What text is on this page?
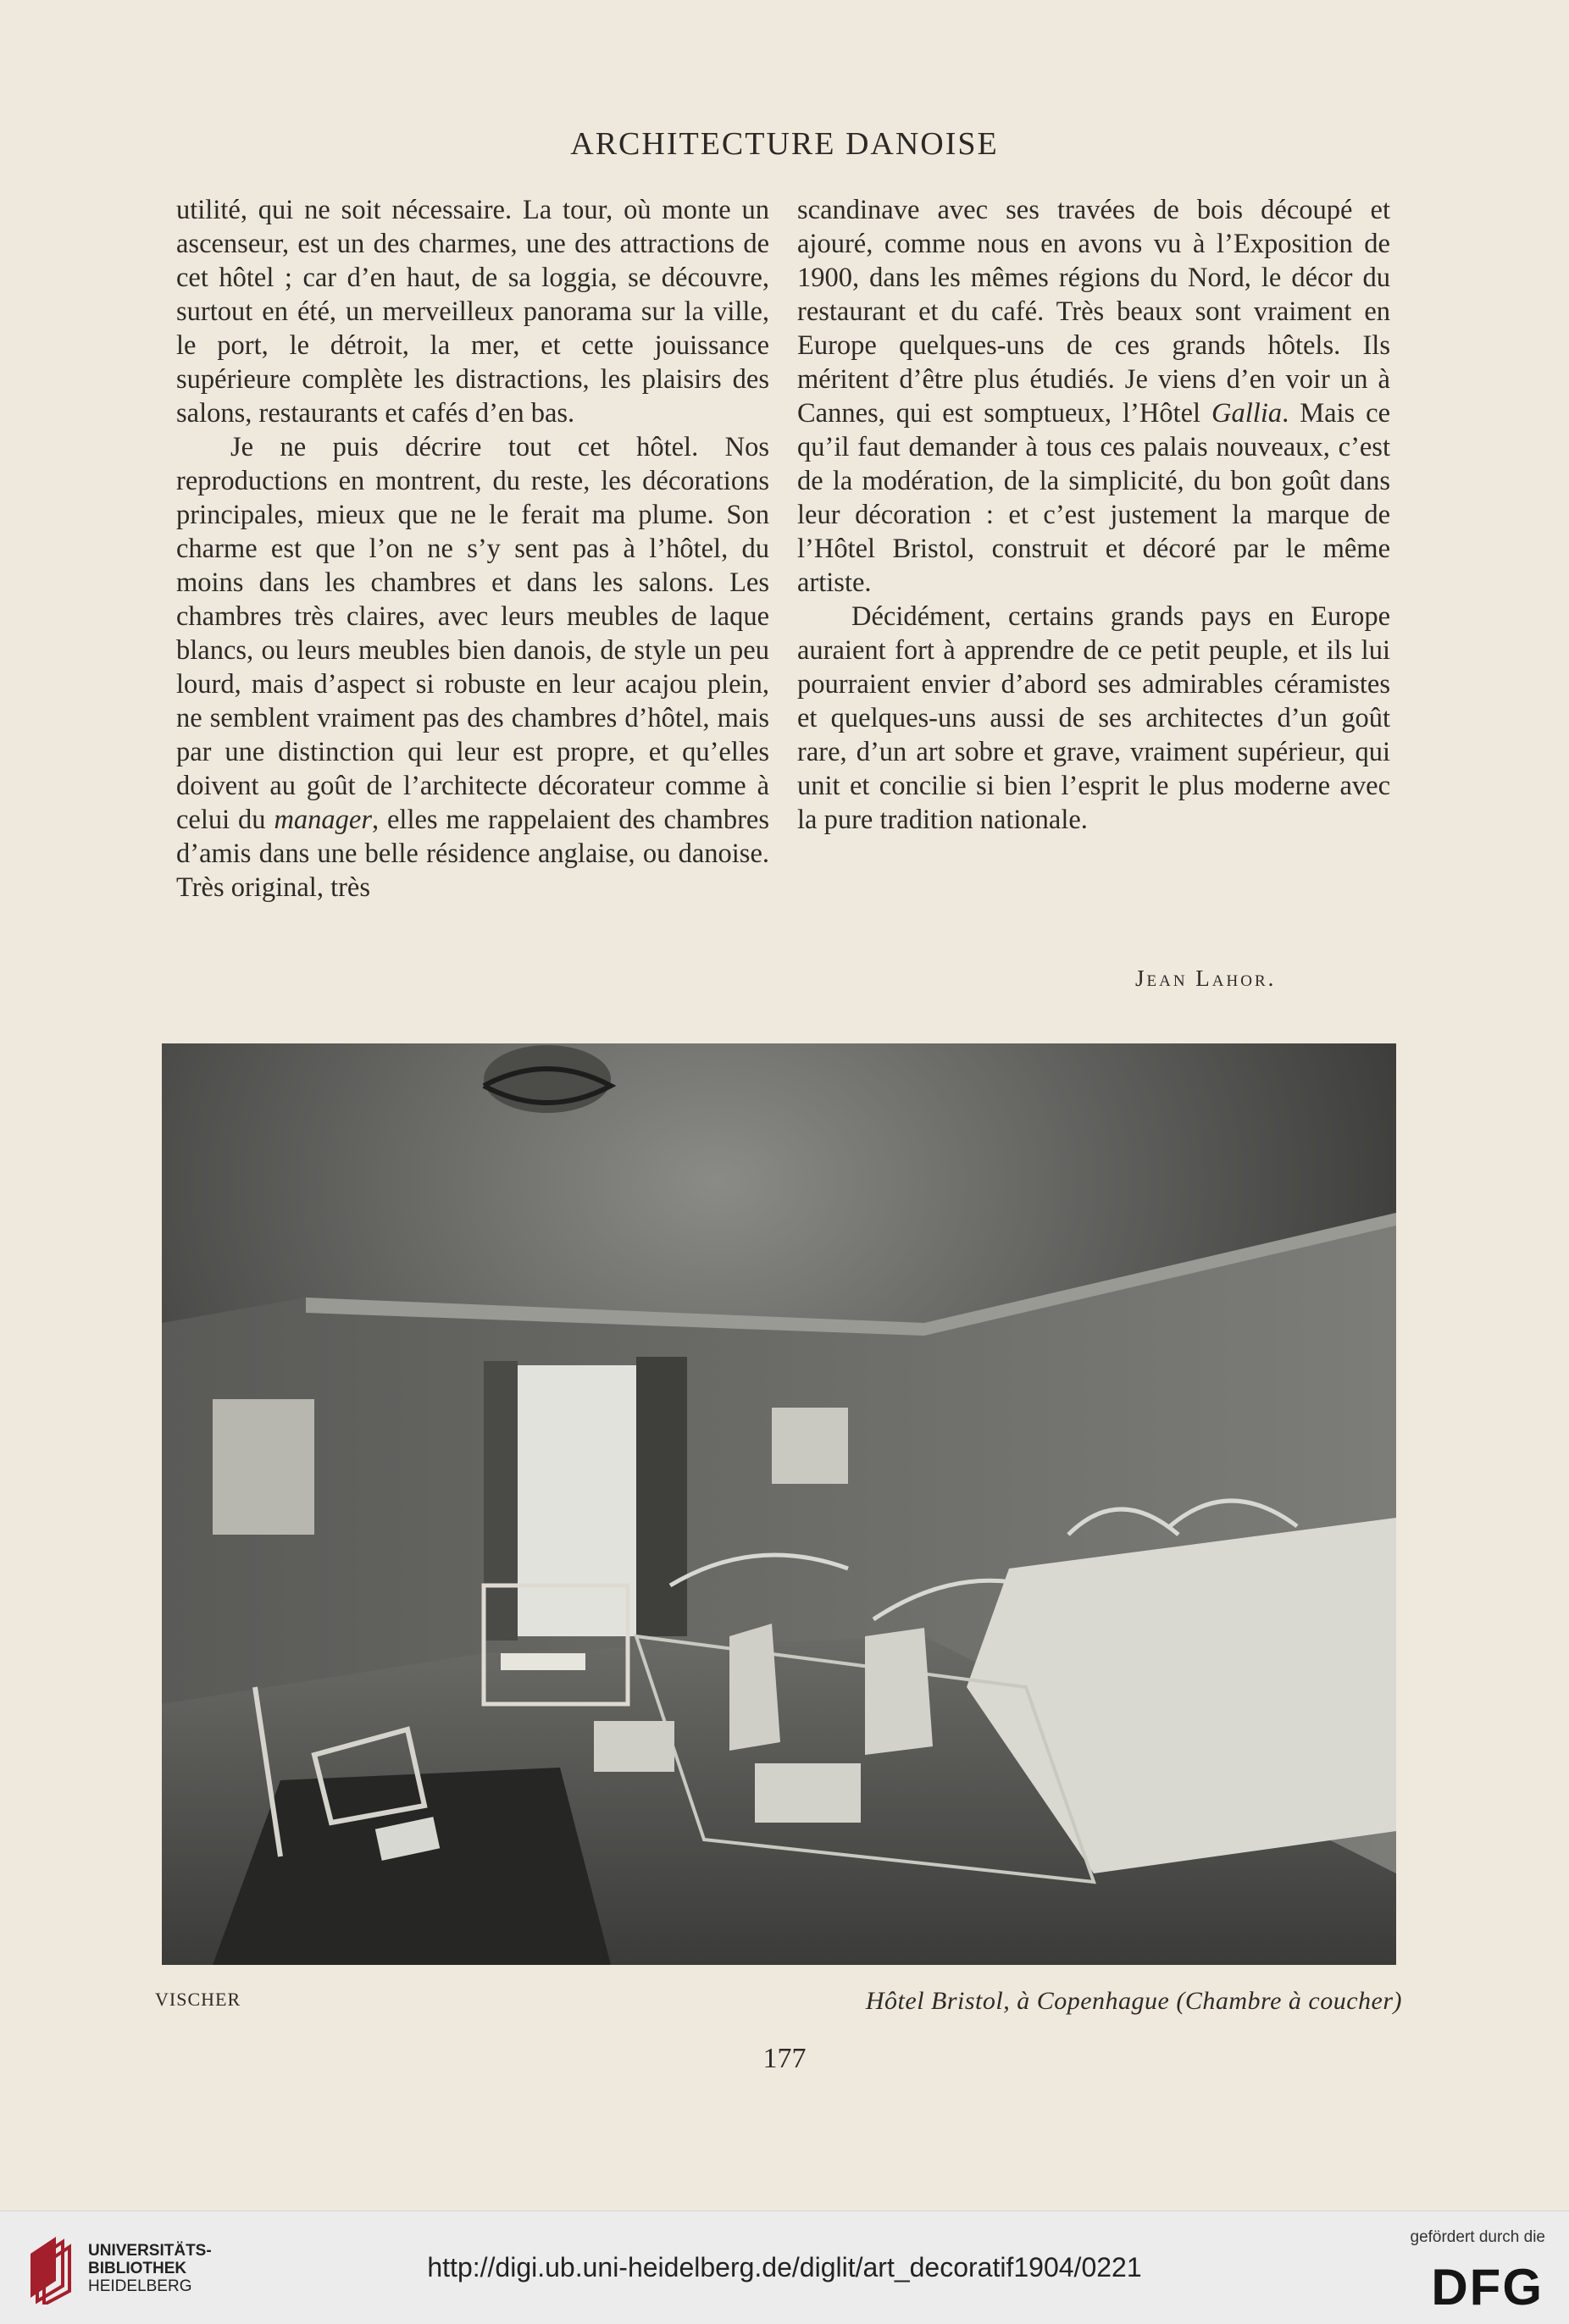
ARCHITECTURE DANOISE

utilité, qui ne soit nécessaire. La tour, où monte un ascenseur, est un des charmes, une des attractions de cet hôtel ; car d’en haut, de sa loggia, se découvre, surtout en été, un merveilleux panorama sur la ville, le port, le détroit, la mer, et cette jouissance supérieure complète les distractions, les plaisirs des salons, restaurants et cafés d’en bas.

Je ne puis décrire tout cet hôtel. Nos reproductions en montrent, du reste, les décorations principales, mieux que ne le ferait ma plume. Son charme est que l’on ne s’y sent pas à l’hôtel, du moins dans les chambres et dans les salons. Les chambres très claires, avec leurs meubles de laque blancs, ou leurs meubles bien danois, de style un peu lourd, mais d’aspect si robuste en leur acajou plein, ne semblent vraiment pas des chambres d’hôtel, mais par une distinction qui leur est propre, et qu’elles doivent au goût de l’architecte décorateur comme à celui du manager, elles me rappelaient des chambres d’amis dans une belle résidence anglaise, ou danoise. Très original, très

scandinave avec ses travées de bois découpé et ajouré, comme nous en avons vu à l’Exposition de 1900, dans les mêmes régions du Nord, le décor du restaurant et du café. Très beaux sont vraiment en Europe quelques-uns de ces grands hôtels. Ils méritent d’être plus étudiés. Je viens d’en voir un à Cannes, qui est somptueux, l’Hôtel Gallia. Mais ce qu’il faut demander à tous ces palais nouveaux, c’est de la modération, de la simplicité, du bon goût dans leur décoration : et c’est justement la marque de l’Hôtel Bristol, construit et décoré par le même artiste.

Décidément, certains grands pays en Europe auraient fort à apprendre de ce petit peuple, et ils lui pourraient envier d’abord ses admirables céramistes et quelques-uns aussi de ses architectes d’un goût rare, d’un art sobre et grave, vraiment supérieur, qui unit et concilie si bien l’esprit le plus moderne avec la pure tradition nationale.

Jean Lahor.
VISCHER	Hôtel Bristol, à Copenhague (Chambre à coucher)
177
UNIVERSITÄTS-
BIBLIOTHEK
HEIDELBERG
http://digi.ub.uni-heidelberg.de/diglit/art_decoratif1904/0221
gefördert durch die
DFG
